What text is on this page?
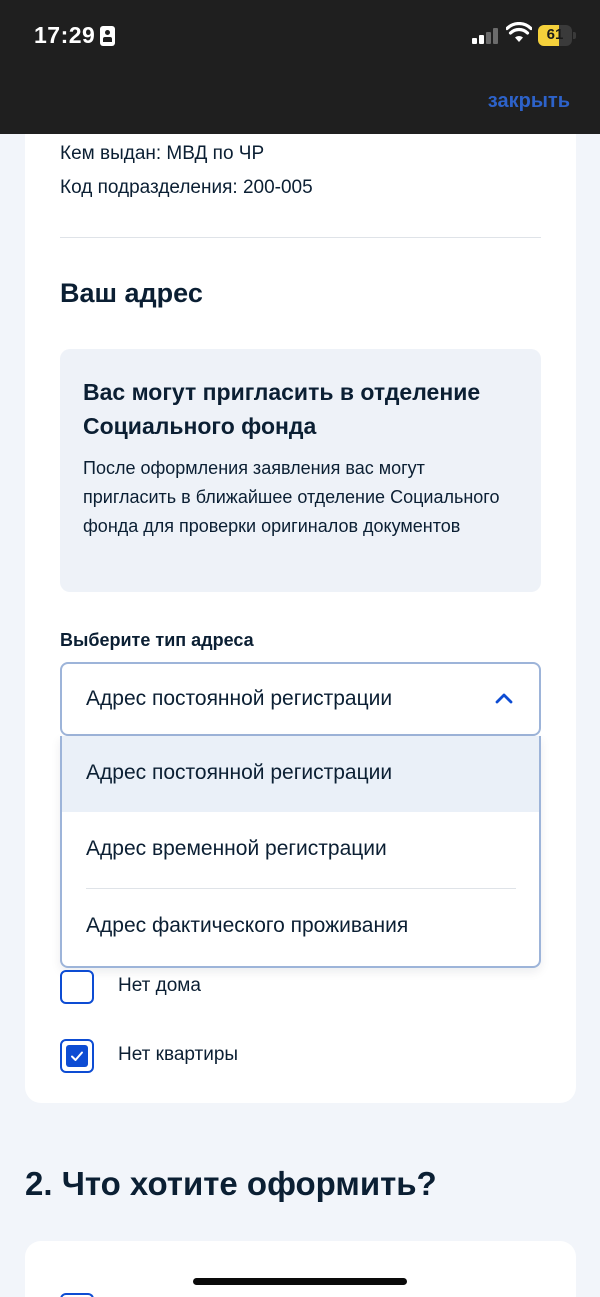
17:29	61
закрыть
Кем выдан: МВД по ЧР
Код подразделения: 200-005
Ваш адрес
Вас могут пригласить в отделение Социального фонда
После оформления заявления вас могут пригласить в ближайшее отделение Социального фонда для проверки оригиналов документов
Выберите тип адреса
Адрес постоянной регистрации
Адрес постоянной регистрации
Адрес временной регистрации
Адрес фактического проживания
Нет дома
Нет квартиры
2. Что хотите оформить?
